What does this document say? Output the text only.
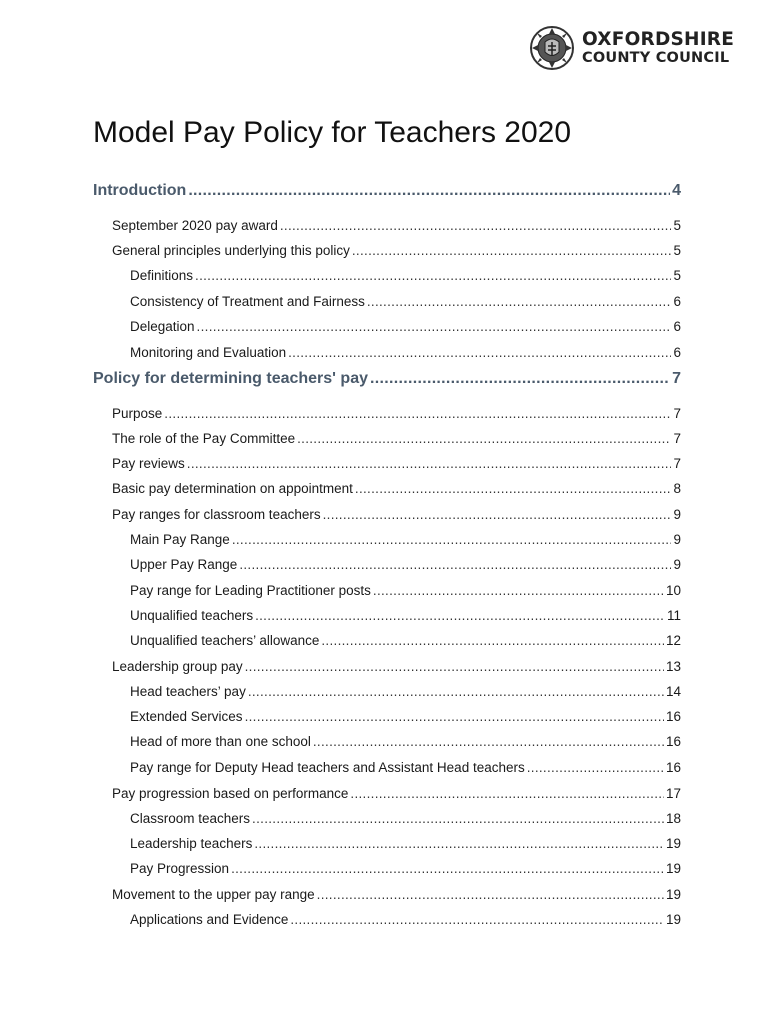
OXFORDSHIRE
COUNTY COUNCIL
Model Pay Policy for Teachers 2020
Introduction .....	4
September 2020 pay award .....	5
General principles underlying this policy .....	5
Definitions .....	5
Consistency of Treatment and Fairness .....	6
Delegation .....	6
Monitoring and Evaluation .....	6
Policy for determining teachers' pay .....	7
Purpose .....	7
The role of the Pay Committee .....	7
Pay reviews .....	7
Basic pay determination on appointment .....	8
Pay ranges for classroom teachers .....	9
Main Pay Range .....	9
Upper Pay Range .....	9
Pay range for Leading Practitioner posts .....	10
Unqualified teachers .....	11
Unqualified teachers’ allowance .....	12
Leadership group pay .....	13
Head teachers’ pay .....	14
Extended Services .....	16
Head of more than one school .....	16
Pay range for Deputy Head teachers and Assistant Head teachers .....	16
Pay progression based on performance .....	17
Classroom teachers .....	18
Leadership teachers .....	19
Pay Progression .....	19
Movement to the upper pay range .....	19
Applications and Evidence .....	19
